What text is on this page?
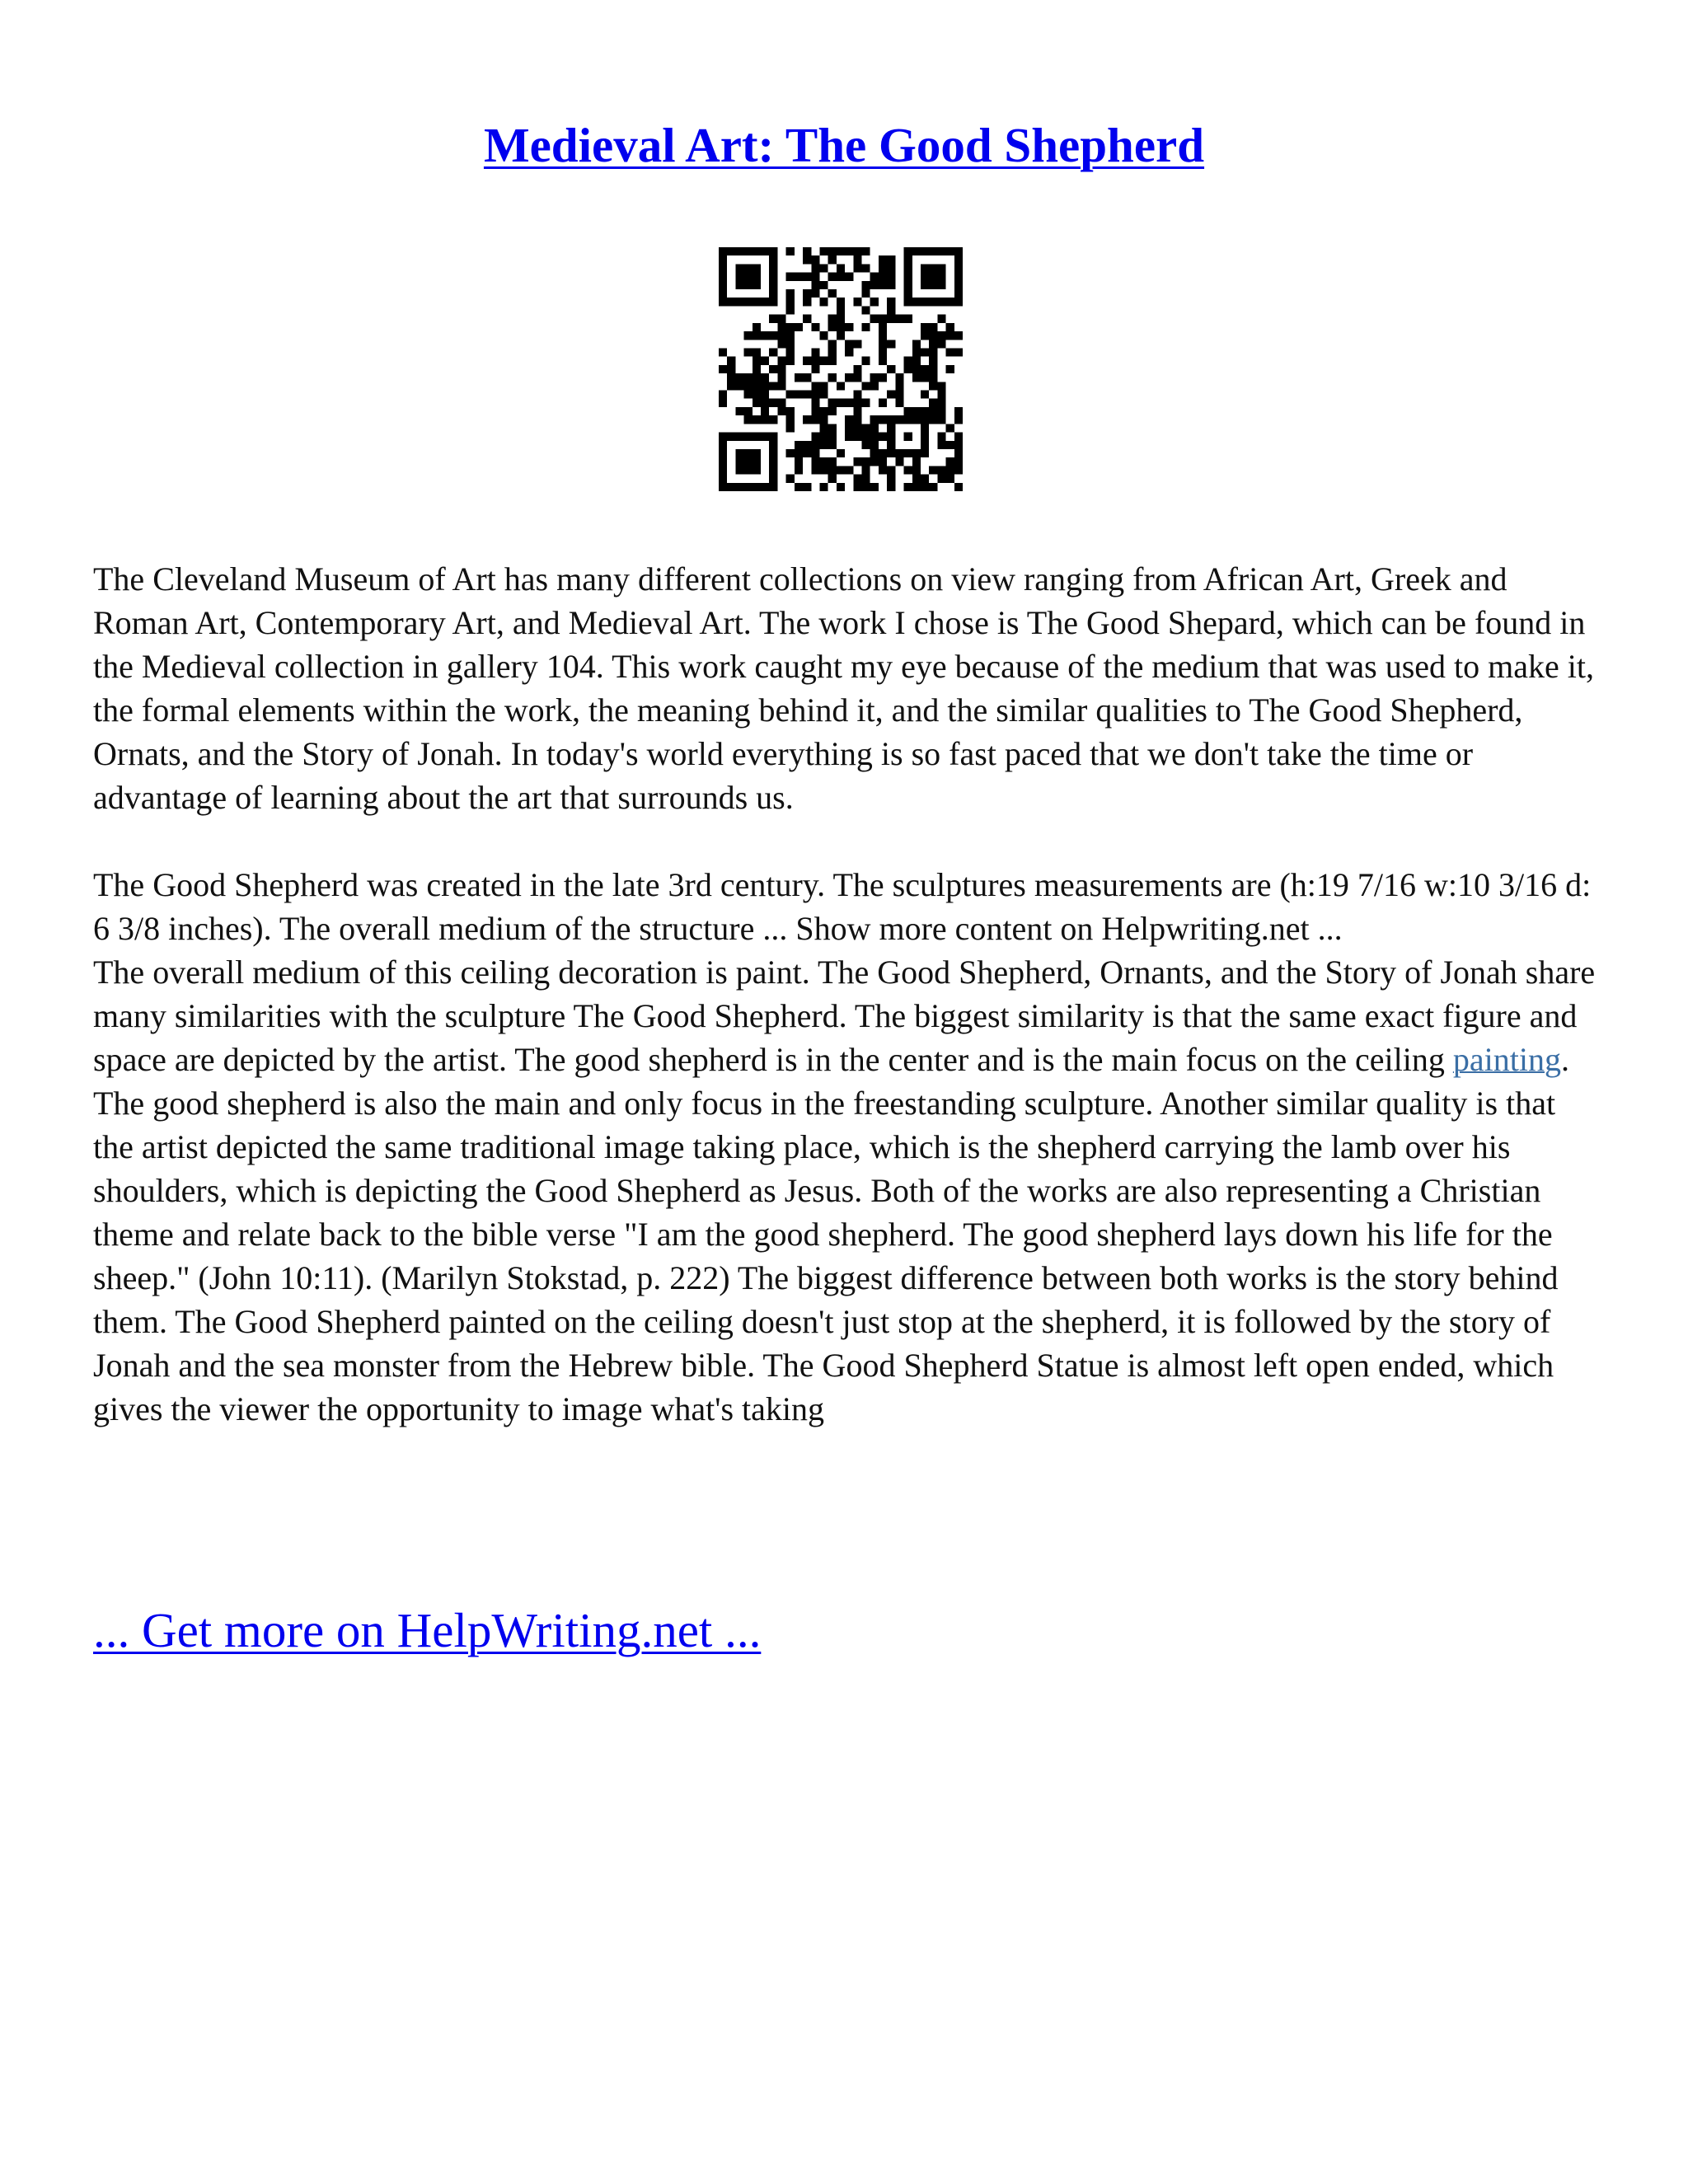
Medieval Art: The Good Shepherd

The Cleveland Museum of Art has many different collections on view ranging from African Art, Greek and Roman Art, Contemporary Art, and Medieval Art. The work I chose is The Good Shepard, which can be found in the Medieval collection in gallery 104. This work caught my eye because of the medium that was used to make it, the formal elements within the work, the meaning behind it, and the similar qualities to The Good Shepherd, Ornats, and the Story of Jonah. In today's world everything is so fast paced that we don't take the time or advantage of learning about the art that surrounds us.

The Good Shepherd was created in the late 3rd century. The sculptures measurements are (h:19 7/16 w:10 3/16 d: 6 3/8 inches). The overall medium of the structure ... Show more content on Helpwriting.net ...

The overall medium of this ceiling decoration is paint. The Good Shepherd, Ornants, and the Story of Jonah share many similarities with the sculpture The Good Shepherd. The biggest similarity is that the same exact figure and space are depicted by the artist. The good shepherd is in the center and is the main focus on the ceiling painting. The good shepherd is also the main and only focus in the freestanding sculpture. Another similar quality is that the artist depicted the same traditional image taking place, which is the shepherd carrying the lamb over his shoulders, which is depicting the Good Shepherd as Jesus. Both of the works are also representing a Christian theme and relate back to the bible verse "I am the good shepherd. The good shepherd lays down his life for the sheep." (John 10:11). (Marilyn Stokstad, p. 222) The biggest difference between both works is the story behind them. The Good Shepherd painted on the ceiling doesn't just stop at the shepherd, it is followed by the story of Jonah and the sea monster from the Hebrew bible. The Good Shepherd Statue is almost left open ended, which gives the viewer the opportunity to image what's taking

... Get more on HelpWriting.net ...
